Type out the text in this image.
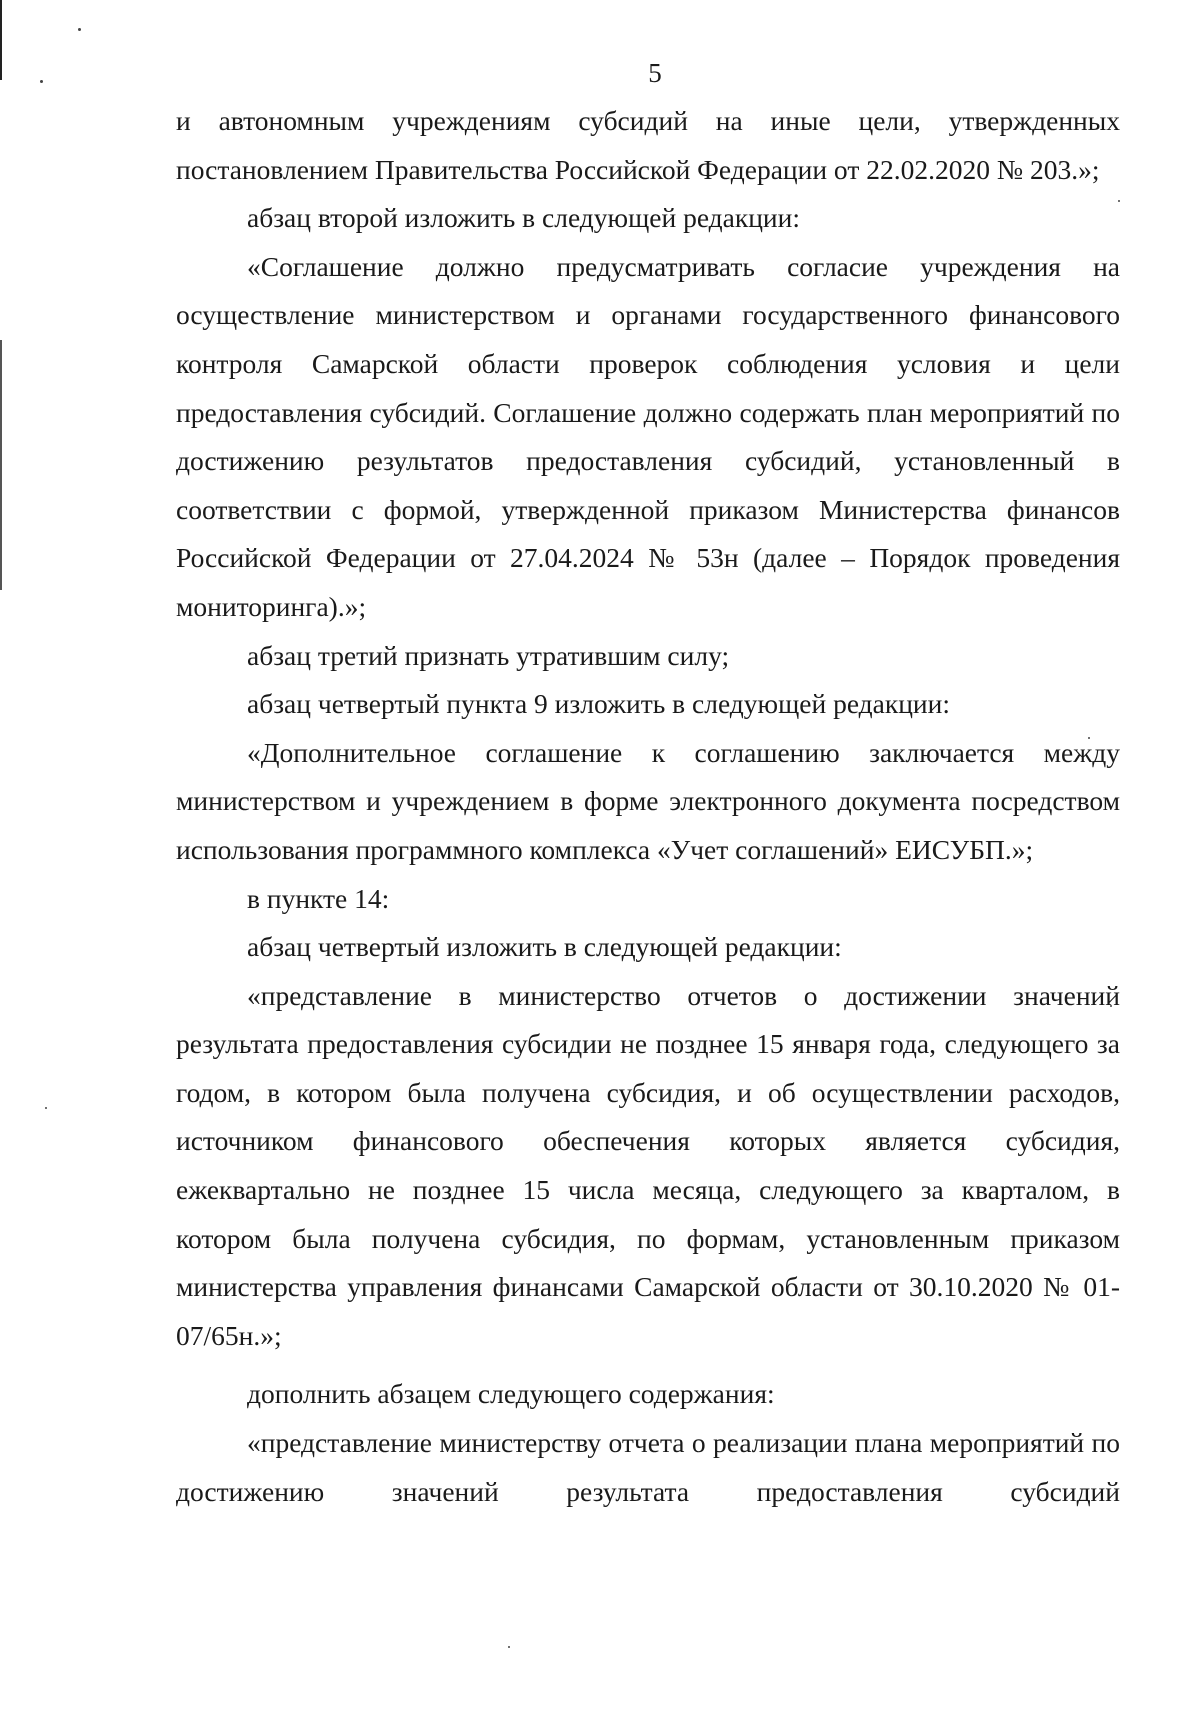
5

и автономным учреждениям субсидий на иные цели, утвержденных постановлением Правительства Российской Федерации от 22.02.2020 № 203.»;

абзац второй изложить в следующей редакции:

«Соглашение должно предусматривать согласие учреждения на осуществление министерством и органами государственного финансового контроля Самарской области проверок соблюдения условия и цели предоставления субсидий. Соглашение должно содержать план мероприятий по достижению результатов предоставления субсидий, установленный в соответствии с формой, утвержденной приказом Министерства финансов Российской Федерации от 27.04.2024 № 53н (далее – Порядок проведения мониторинга).»;

абзац третий признать утратившим силу;

абзац четвертый пункта 9 изложить в следующей редакции:

«Дополнительное соглашение к соглашению заключается между министерством и учреждением в форме электронного документа посредством использования программного комплекса «Учет соглашений» ЕИСУБП.»;

в пункте 14:

абзац четвертый изложить в следующей редакции:

«представление в министерство отчетов о достижении значений результата предоставления субсидии не позднее 15 января года, следующего за годом, в котором была получена субсидия, и об осуществлении расходов, источником финансового обеспечения которых является субсидия, ежеквартально не позднее 15 числа месяца, следующего за кварталом, в котором была получена субсидия, по формам, установленным приказом министерства управления финансами Самарской области от 30.10.2020 № 01-07/65н.»;

дополнить абзацем следующего содержания:

«представление министерству отчета о реализации плана мероприятий по достижению значений результата предоставления субсидий
